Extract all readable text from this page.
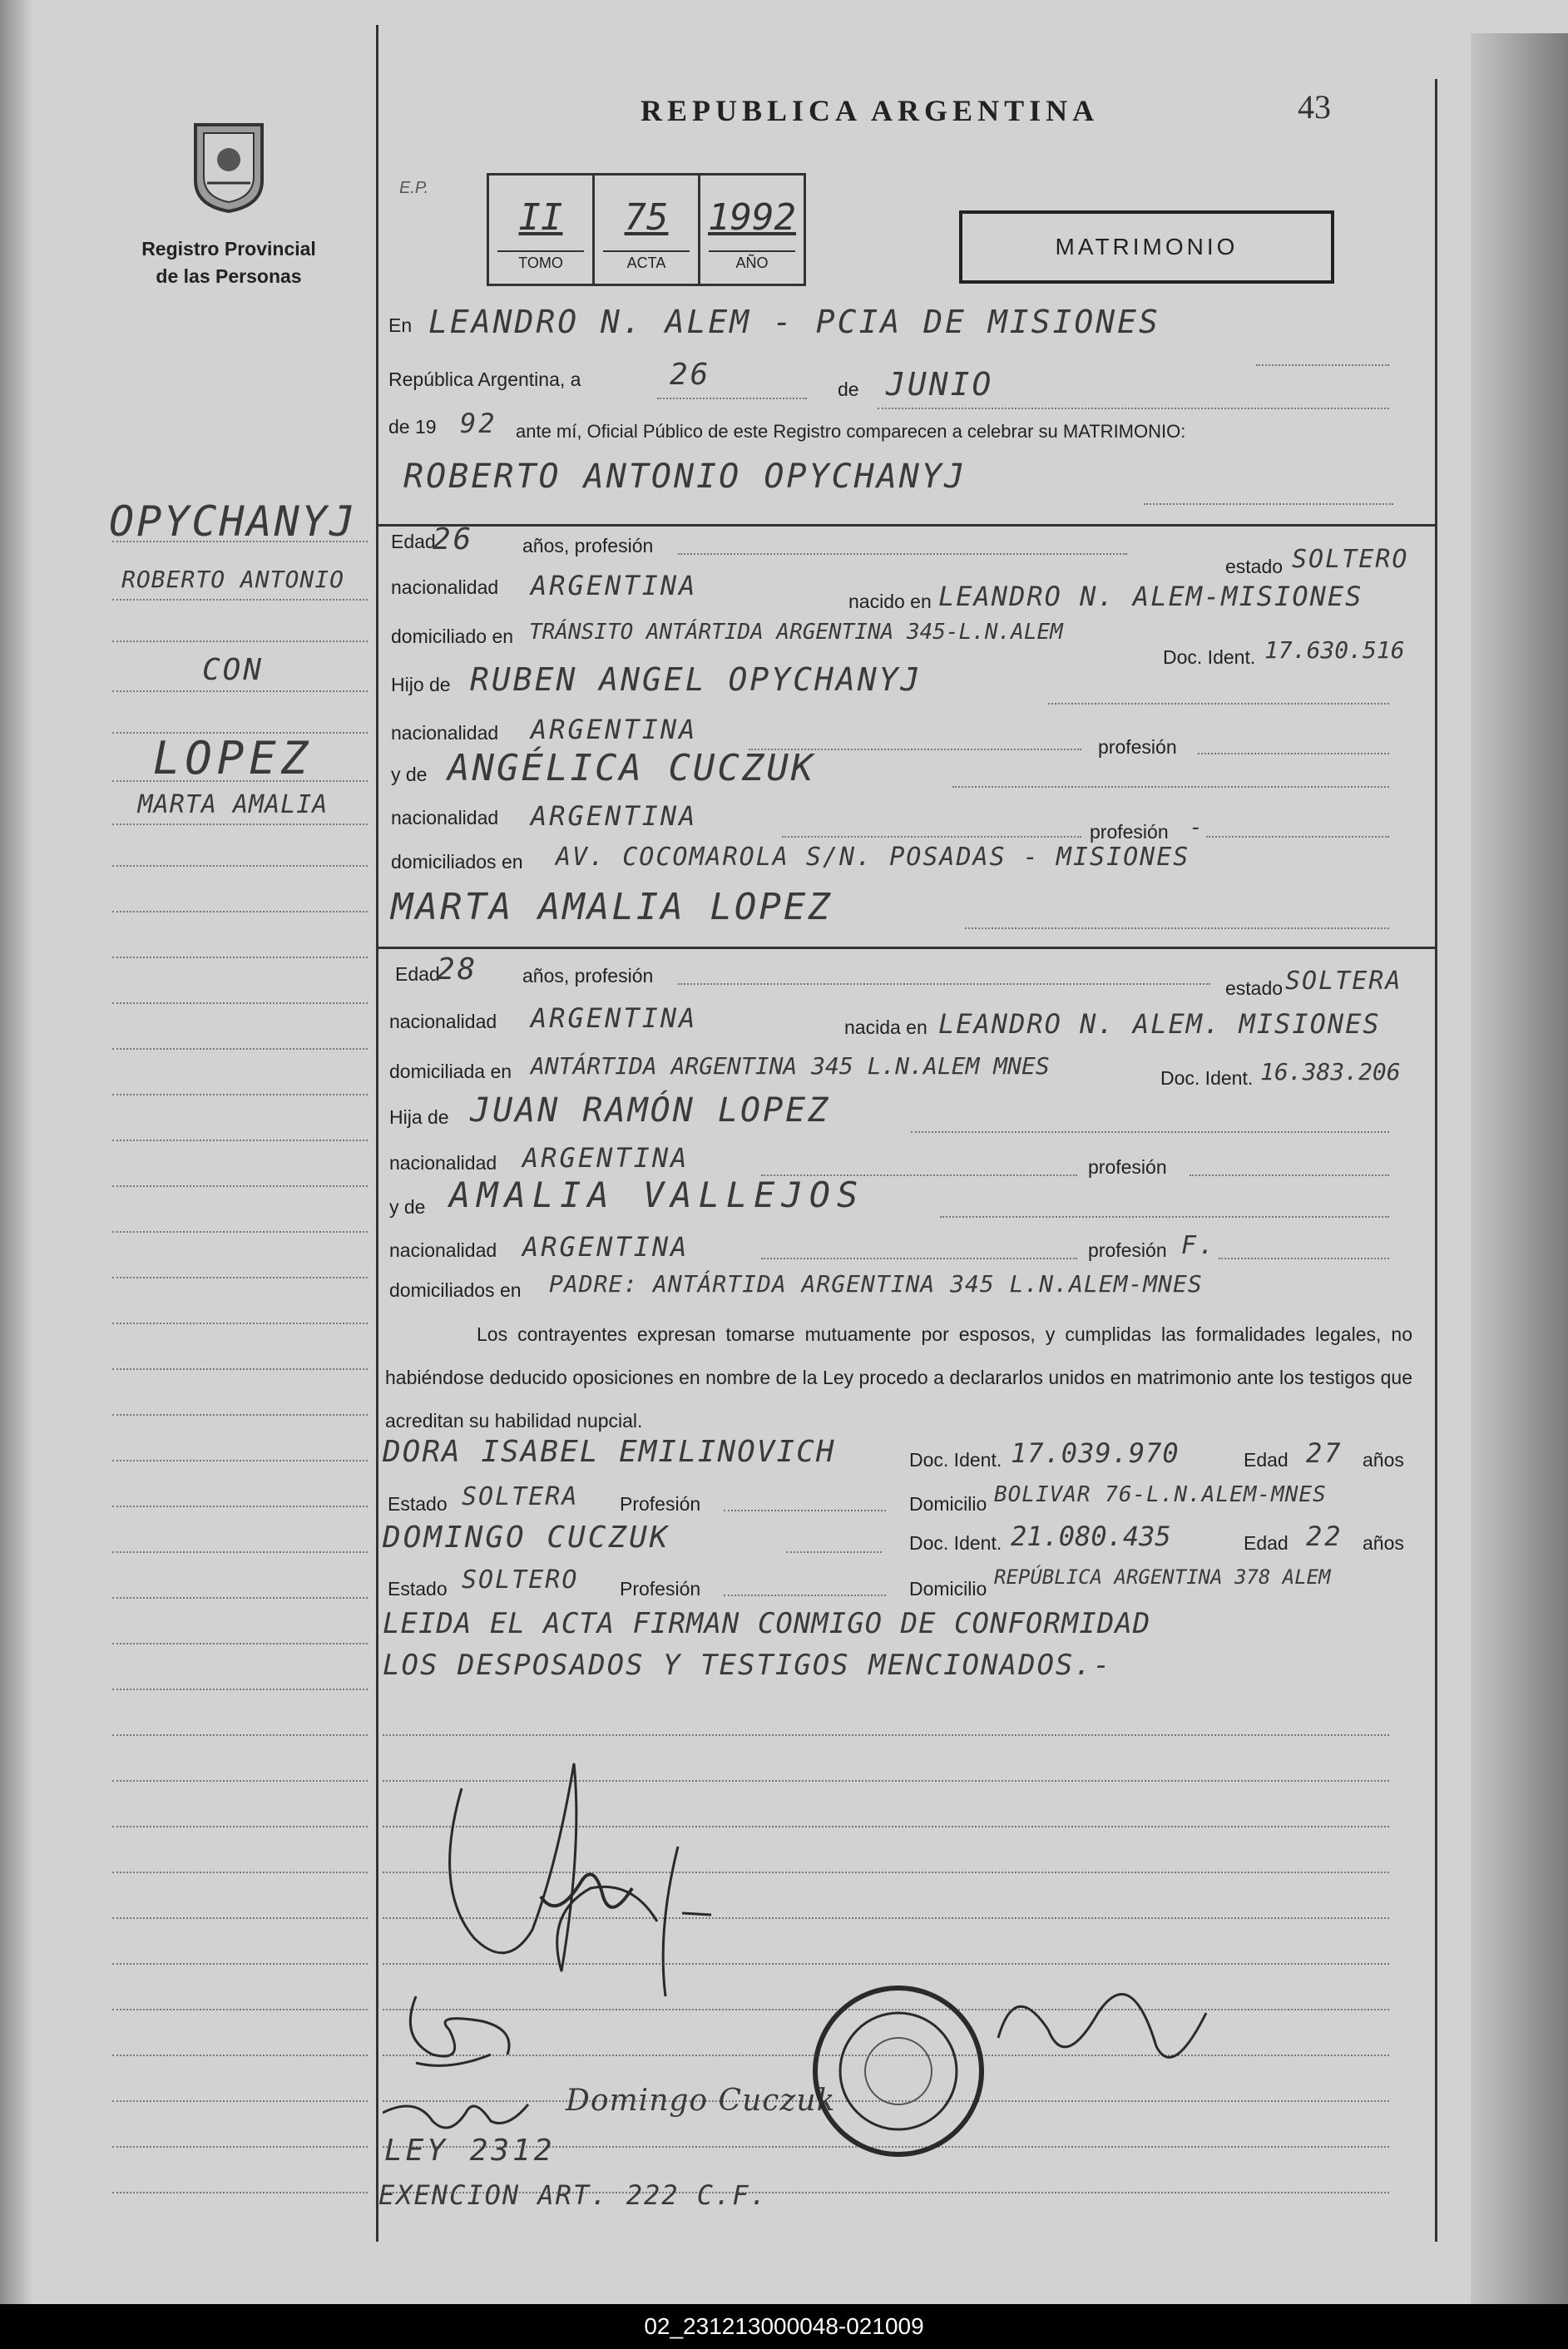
Registro Provincial
de las Personas
REPUBLICA ARGENTINA	43
E.P.
II
TOMO
75
ACTA
1992
AÑO
MATRIMONIO
OPYCHANYJ
ROBERTO ANTONIO
CON
LOPEZ
MARTA AMALIA
En LEANDRO N. ALEM - PCIA DE MISIONES
República Argentina, a	26	de JUNIO
de 19 92 ante mí, Oficial Público de este Registro comparecen a celebrar su MATRIMONIO:
ROBERTO ANTONIO OPYCHANYJ
Edad
26	años, profesión
estado SOLTERO
nacionalidad ARGENTINA	nacido en LEANDRO N. ALEM-MISIONES
domiciliado en TRÁNSITO ANTÁRTIDA ARGENTINA 345-L.N.ALEM
Doc. Ident. 17.630.516
Hijo de RUBEN ANGEL OPYCHANYJ
nacionalidad ARGENTINA
profesión
y de ANGÉLICA CUCZUK
nacionalidad ARGENTINA	profesión -
domiciliados en AV. COCOMAROLA S/N. POSADAS - MISIONES
MARTA AMALIA LOPEZ
Edad
28 años, profesión
estado SOLTERA
nacionalidad ARGENTINA	nacida en LEANDRO N. ALEM. MISIONES
domiciliada en ANTÁRTIDA ARGENTINA 345 L.N.ALEM MNES	Doc. Ident. 16.383.206
Hija de JUAN RAMÓN LOPEZ
nacionalidad ARGENTINA	profesión
y de AMALIA VALLEJOS
nacionalidad ARGENTINA	profesión F.
domiciliados en PADRE: ANTÁRTIDA ARGENTINA 345 L.N.ALEM-MNES
Los contrayentes expresan tomarse mutuamente por esposos, y cumplidas las formalidades legales, no habiéndose deducido oposiciones en nombre de la Ley procedo a declararlos unidos en matrimonio ante los testigos que acreditan su habilidad nupcial.
DORA ISABEL EMILINOVICH	Doc. Ident. 17.039.970	Edad 27 años
Estado SOLTERA Profesión	Domicilio BOLIVAR 76-L.N.ALEM-MNES
DOMINGO CUCZUK	Doc. Ident. 21.080.435	Edad 22 años
Estado SOLTERO Profesión	Domicilio REPÚBLICA ARGENTINA 378 ALEM
LEIDA EL ACTA FIRMAN CONMIGO DE CONFORMIDAD
LOS DESPOSADOS Y TESTIGOS MENCIONADOS.-
Domingo Cuczuk
LEY 2312
EXENCION ART. 222 C.F.
02_231213000048-021009
